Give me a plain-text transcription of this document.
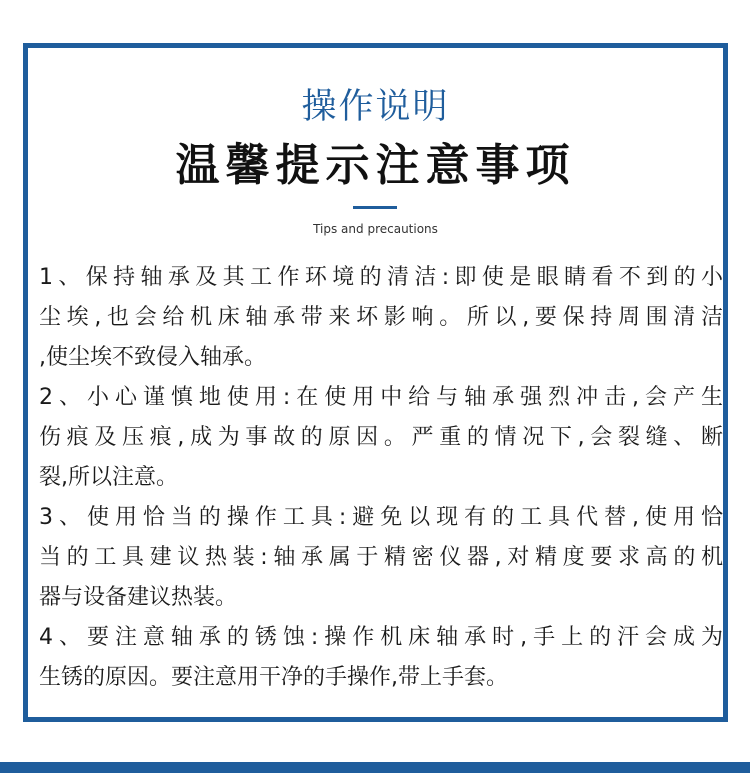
操作说明
温馨提示注意事项
Tips and precautions
1、保持轴承及其工作环境的清洁:即使是眼睛看不到的小
尘埃,也会给机床轴承带来坏影响。所以,要保持周围清洁
,使尘埃不致侵入轴承。
2、小心谨慎地使用:在使用中给与轴承强烈冲击,会产生
伤痕及压痕,成为事故的原因。严重的情况下,会裂缝、断
裂,所以注意。
3、使用恰当的操作工具:避免以现有的工具代替,使用恰
当的工具建议热装:轴承属于精密仪器,对精度要求高的机
器与设备建议热装。
4、要注意轴承的锈蚀:操作机床轴承时,手上的汗会成为
生锈的原因。要注意用干净的手操作,带上手套。
